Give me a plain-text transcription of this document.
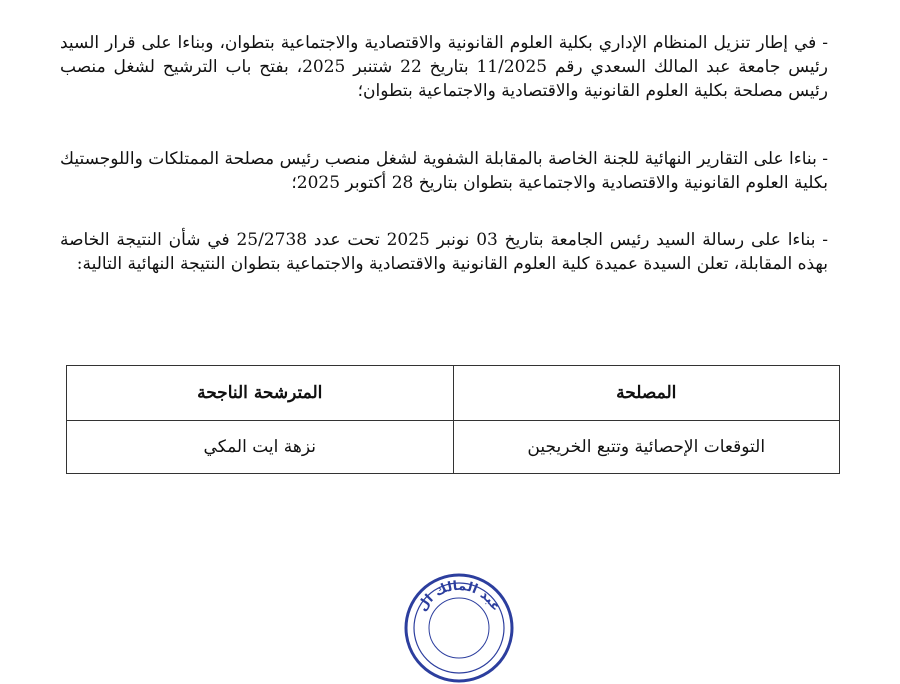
- في إطار تنزيل المنظام الإداري بكلية العلوم القانونية والاقتصادية والاجتماعية بتطوان، وبناءا على قرار السيد رئيس جامعة عبد المالك السعدي رقم 11/2025 بتاريخ 22 شتنبر 2025، بفتح باب الترشيح لشغل منصب رئيس مصلحة بكلية العلوم القانونية والاقتصادية والاجتماعية بتطوان؛

- بناءا على التقارير النهائية للجنة الخاصة بالمقابلة الشفوية لشغل منصب رئيس مصلحة الممتلكات واللوجستيك بكلية العلوم القانونية والاقتصادية والاجتماعية بتطوان بتاريخ 28 أكتوبر 2025؛

- بناءا على رسالة السيد رئيس الجامعة بتاريخ 03 نونبر 2025 تحت عدد 25/2738 في شأن النتيجة الخاصة بهذه المقابلة، تعلن السيدة عميدة كلية العلوم القانونية والاقتصادية والاجتماعية بتطوان النتيجة النهائية التالية:

المصلحة	المترشحة الناجحة
التوقعات الإحصائية وتتبع الخريجين	نزهة ايت المكي
عبد المالك ال
